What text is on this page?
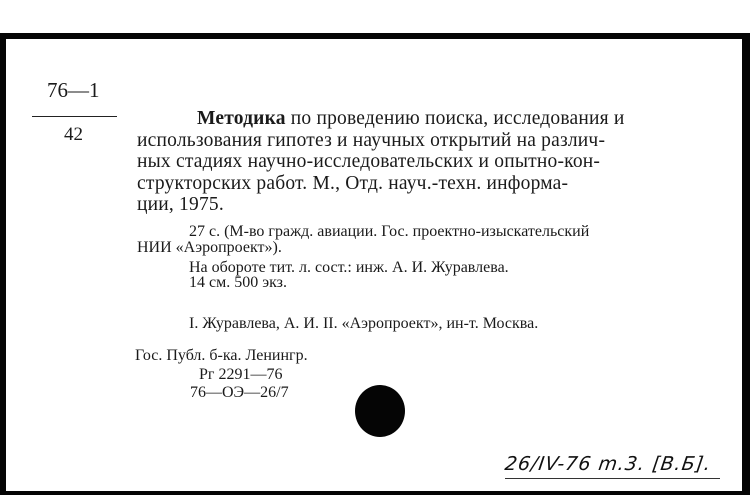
76—1
42
Методика по проведению поиска, исследования и
использования гипотез и научных открытий на различ-
ных стадиях научно-исследовательских и опытно-кон-
структорских работ. М., Отд. науч.-техн. информа-
ции, 1975.
27 с. (М-во гражд. авиации. Гос. проектно-изыскательский
НИИ «Аэропроект»).
На обороте тит. л. сост.: инж. А. И. Журавлева.
14 см. 500 экз.
I. Журавлева, А. И. II. «Аэропроект», ин-т. Москва.
Гос. Публ. б-ка. Ленингр.
Рг 2291—76
76—ОЭ—26/7
26/IV-76 m.3. [В.Б].
